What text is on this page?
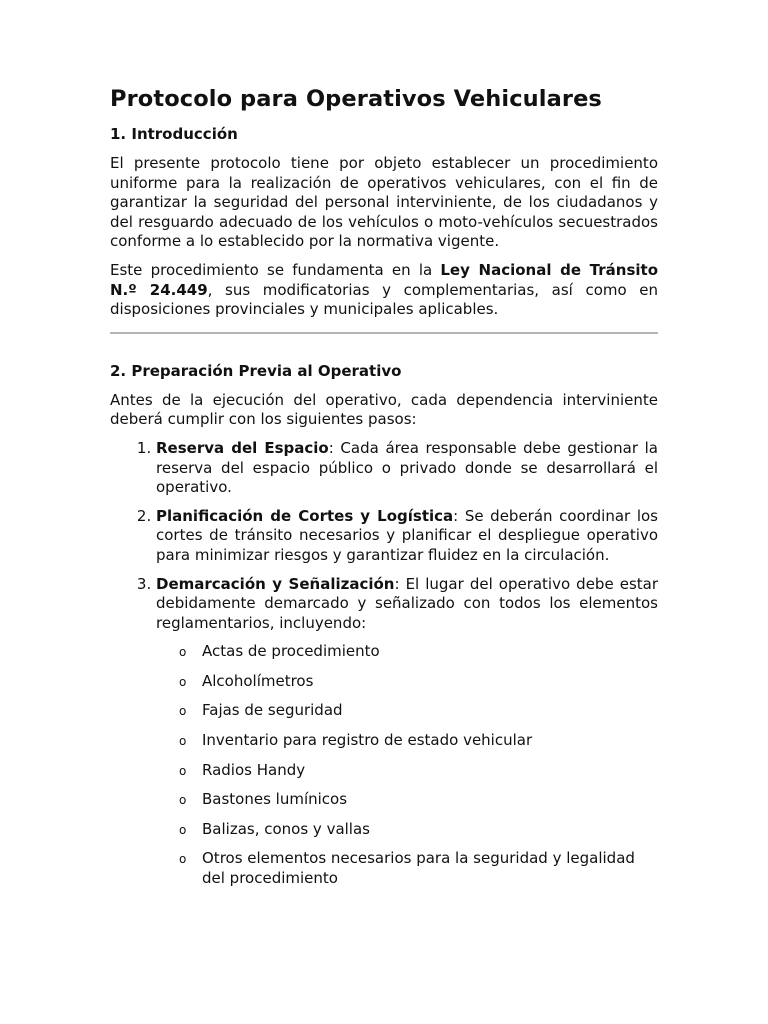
Protocolo para Operativos Vehiculares
1. Introducción

El presente protocolo tiene por objeto establecer un procedimiento uniforme para la realización de operativos vehiculares, con el fin de garantizar la seguridad del personal interviniente, de los ciudadanos y del resguardo adecuado de los vehículos o moto-vehículos secuestrados conforme a lo establecido por la normativa vigente.

Este procedimiento se fundamenta en la Ley Nacional de Tránsito N.º 24.449, sus modificatorias y complementarias, así como en disposiciones provinciales y municipales aplicables.

2. Preparación Previa al Operativo

Antes de la ejecución del operativo, cada dependencia interviniente deberá cumplir con los siguientes pasos:

1. Reserva del Espacio: Cada área responsable debe gestionar la reserva del espacio público o privado donde se desarrollará el operativo.
2. Planificación de Cortes y Logística: Se deberán coordinar los cortes de tránsito necesarios y planificar el despliegue operativo para minimizar riesgos y garantizar fluidez en la circulación.
3. Demarcación y Señalización: El lugar del operativo debe estar debidamente demarcado y señalizado con todos los elementos reglamentarios, incluyendo:
o Actas de procedimiento
o Alcoholímetros
o Fajas de seguridad
o Inventario para registro de estado vehicular
o Radios Handy
o Bastones lumínicos
o Balizas, conos y vallas
o Otros elementos necesarios para la seguridad y legalidad del procedimiento
